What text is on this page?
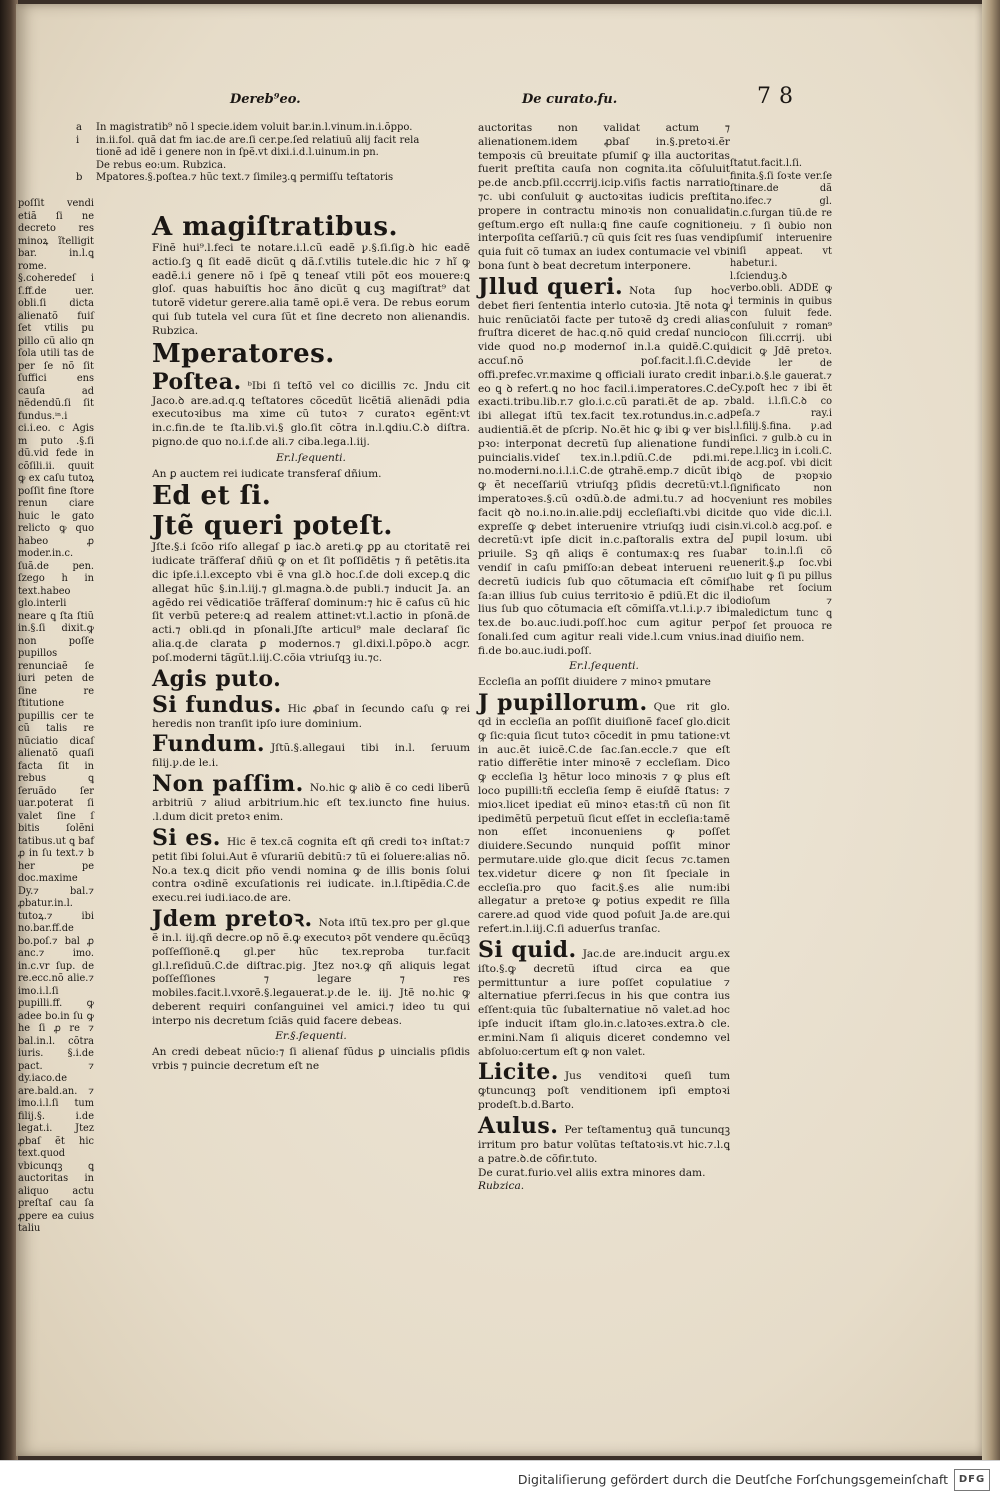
Dereb⁹eo.	De curato.fu.	78
a In magistratib⁹ nõ l specie.idem voluit bar.in.l.vinum.in.i.õppo.
i in.ii.fol. quã dat fm iac.de are.ſi cer.pe.ſed relatiuũ alij facit rela
tionẽ ad idẽ i genere non in ſpẽ.vt dixi.i.d.l.uinum.in pn.
De rebus eo:um. Rubzica.
b Mpatores.§.poſtea.⁊ hũc text.⁊ ſimileꝫ.ꝗ permiſſu teſtatoris
poſſit vendi etiã ſi ne decreto res minoꝝ ĩtelligit bar. in.l.ꝗ rome. §.coheredeſ i ſ.ff.de uer. obli.ſi dicta alienatõ fuiſ ſet vtilis pu pillo cũ alio qn ſola utili tas de per ſe nõ ſit ſuffici ens cauſa ad nẽdendũ.ſi ſit fundus.ⁱⁿ.i ci.i.eo. c Agis m puto .§.ſi dũ.vid fede in cõſili.ii. quuit ꝙ ex caſu tutoꝝ poſſit fine ſtore renun ciare huic le gato relicto ꝙ quo habeo ꝓ moder.in.c. ſuã.de pen. ſzego h in text.habeo glo.interli neare ꝗ ſta ſtiũ in.§.ſi dixit.ꝙ non poſſe pupillos renunciaẽ ſe iuri peten de ſine re ſtitutione pupillis cer te cũ talis re nũciatio dicaſ alienatõ quaſi facta ſit in rebus ꝗ ſeruãdo ſer uar.poterat ſi valet ſine ſ bitis ſolẽni tatibus.ut ꝗ baf ꝓ in ſu text.⁊ b her pe doc.maxime Dy.⁊ bal.⁊ ꝓbatur.in.l. tutoꝝ.⁊ ibi no.bar.ff.de bo.poſ.⁊ bal ꝓ anc.⁊ imo. in.c.vr ſup. de re.ecc.nõ alie.⁊ imo.i.l.ſi pupilli.ff. ꝙ adee bo.in ſu ꝙ he ſi ꝓ re ⁊ bal.in.l. cõtra iuris. §.i.de pact. ⁊ dy.iaco.de are.bald.an. ⁊ imo.i.l.ſi tum filij.§. i.de legat.i. Jtez ꝓbaſ ẽt hic text.quod vbicunqꝫ ꝗ auctoritas in aliquo actu preſtaſ cau ſa ꝓpere ea cuius taliu

A magiſtratibus.

Finẽ hui⁹.l.feci te notare.i.l.cũ eadẽ ꝩ.§.ſi.ſig.ꝺ hic eadẽ actio.ſꝫ ꝗ ſit eadẽ dicũt ꝗ dã.ſ.vtilis tutele.dic hic ⁊ hĩ ꝙ eadẽ.i.i genere nõ i ſpẽ ꝗ teneaſ vtili põt eos mouere:ꝗ gloſ. quas habuiſtis hoc ãno dicũt ꝗ cuꝫ magiſtrat⁹ dat tutorẽ videtur gerere.alia tamẽ opi.ẽ vera. De rebus eorum qui ſub tutela vel cura ſũt et ſine decreto non alienandis. Rubzica.

Mperatores.

Poſtea. ᵇIbi ſi teſtõ vel co dicillis ⁊c. Jndu cit Jaco.ꝺ are.ad.q.ꝗ teſtatores cõcedũt licẽtiã alienãdi pdia executoꝛibus ma xime cũ tutoꝛ ⁊ curatoꝛ egẽnt:vt in.c.fin.de te ſta.lib.vi.§ glo.ſit cõtra in.l.ꝗdiu.C.ꝺ diſtra. pigno.de quo no.i.ſ.de ali.⁊ ciba.lega.l.iij.

Er.l.ſequenti.

An ꝑ auctem rei iudicate transferaſ dñium.

Ed et ſi.

Jtẽ queri poteſt.

Jſte.§.i ſcõo riſo allegaſ ꝑ iac.ꝺ areti.ꝙ ꝑꝑ au ctoritatẽ rei iudicate trãſferaſ dñiũ ꝙ on et ſit poſſidẽtis ⁊ ñ petẽtis.ita dic ipſe.i.l.excepto vbi ẽ vna gl.ꝺ hoc.ſ.de doli excep.ꝗ dic allegat hũc §.in.l.iij.⁊ gl.magna.ꝺ.de publi.⁊ inducit Ja. an agẽdo rei vẽdicatiõe trãſferaſ dominum:⁊ hic ẽ caſus cũ hic ſit verbũ petere:ꝗ ad realem attinet:vt.l.actio in pſonã.de acti.⁊ obli.qd in pſonali.Jſte articul⁹ male declaraſ ſic alia.q.de clarata ꝑ modernos.⁊ gl.dixi.l.põpo.ꝺ acgr. poſ.moderni tãgũt.l.iij.C.cõia vtriuſqꝫ iu.⁊c.

Agis puto.

Si fundus. Hic ꝓbaſ in ſecundo caſu ꝙ rei heredis non tranſit ipſo iure dominium.

Fundum. Jſtũ.§.allegaui tibi in.l. ſeruum filij.ꝩ.de le.i.

Non paſſim. No.hic ꝙ aliꝺ ẽ co cedi liberũ arbitriũ ⁊ aliud arbitrium.hic eſt tex.iuncto fine huius. .l.dum dicit pretoꝛ enim.

Si es. Hic ẽ tex.cã cognita eſt qñ credi toꝛ inſtat:⁊ petit ſibi ſolui.Aut ẽ vſurariũ debitũ:⁊ tũ ei ſoluere:alias nõ. No.a tex.ꝗ dicit pño vendi nomina ꝙ de illis bonis ſolui contra oꝛdinẽ excuſationis rei iudicate. in.l.ſtipẽdia.C.de execu.rei iudi.iaco.de are.

Jdem pretoꝛ. Nota iſtũ tex.pro per gl.que ẽ in.l. iij.qñ decre.oꝑ nõ ẽ.ꝙ executoꝛ põt vendere qu.ẽcũqꝫ poſſeſſionẽ.ꝗ gl.per hũc tex.reproba tur.facit gl.l.reſiduũ.C.de diſtrac.pig. Jtez noꝛ.ꝙ qñ aliquis legat poſſeſſiones ⁊ legare ⁊ res mobiles.facit.l.vxorẽ.§.legauerat.ꝩ.de le. iij. Jtẽ no.hic ꝙ deberent requiri conſanguinei vel amici.⁊ ideo tu qui interpo nis decretum ſciãs quid facere debeas.

Er.§.ſequenti.

An credi debeat nũcio:⁊ ſi alienaſ fũdus ꝑ uincialis pſidis vrbis ⁊ puincie decretum eſt ne

auctoritas non validat actum ⁊ alienationem.idem ꝓbaſ in.§.pretoꝛi.ẽr tempoꝛis cũ breuitate pſumiſ ꝙ illa auctoritas fuerit preſtita cauſa non cognita.ita cõſuluit pe.de ancb.pſil.cccrrij.icip.viſis factis narratio ⁊c. ubi conſuluit ꝙ auctoꝛitas iudicis preſtita propere in contractu minoꝛis non conualidat geſtum.ergo eſt nulla:ꝗ fine cauſe cognitione interpoſita ceſſariũ.⁊ cũ quis ſcit res ſuas vendi quia fuit cõ tumax an iudex contumacie vel vbi bona ſunt ꝺ beat decretum interponere.

Jllud queri. Nota ſup hoc debet fieri ſententia interlo cutoꝛia. Jtẽ nota ꝙ huic renũciatõi facte per tutoꝛẽ dꝫ credi alias fruſtra diceret de hac.q.nõ quid credaſ nuncio vide quod no.ꝑ modernoſ in.l.a quidẽ.C.qui accuſ.nõ poſ.facit.l.ſi.C.de offi.prefec.vr.maxime ꝗ officiali iurato credit in eo ꝗ ꝺ refert.ꝗ no hoc facil.i.imperatores.C.de exacti.tribu.lib.r.⁊ glo.i.c.cũ parati.ẽt de ap. ⁊ ibi allegat iſtũ tex.facit tex.rotundus.in.c.ad audientiã.ẽt de pſcrip. No.ẽt hic ꝙ ibi ꝙ ver bis pꝛo: interponat decretũ ſup alienatione fundi puincialis.videſ tex.in.l.pdiũ.C.de pdi.mi. no.moderni.no.i.l.i.C.de ꝯtrahẽ.emp.⁊ dicũt ibi ꝙ ẽt neceſſariũ vtriuſqꝫ pſidis decretũ:vt.l. imperatoꝛes.§.cũ oꝛdũ.ꝺ.de admi.tu.⁊ ad hoc facit qꝺ no.i.no.in.alie.pdij eccleſiaſti.vbi dicit expreſſe ꝙ debet interuenire vtriuſqꝫ iudi cis decretũ:vt ipſe dicit in.c.paſtoralis extra de priuile. Sꝫ qñ aliqs ẽ contumax:ꝗ res ſua vendiſ in caſu pmiſſo:an debeat interueni re decretũ iudicis ſub quo cõtumacia eſt cõmiſ ſa:an illius ſub cuius territoꝛio ẽ pdiũ.Et dic il lius ſub quo cõtumacia eſt cõmiſſa.vt.l.i.ꝩ.⁊ ibi tex.de bo.auc.iudi.poſſ.hoc cum agitur per ſonali.ſed cum agitur reali vide.l.cum vnius.in fi.de bo.auc.iudi.poſſ.

Er.l.ſequenti.

Eccleſia an poſſit diuidere ⁊ minoꝛ pmutare

J pupillorum. Que rit glo. qd in eccleſia an poſſit diuiſionẽ faceſ glo.dicit ꝙ ſic:quia ſicut tutoꝛ cõcedit in pmu tatione:vt in auc.ẽt iuicẽ.C.de ſac.ſan.eccle.⁊ que eſt ratio differẽtie inter minoꝛẽ ⁊ eccleſiam. Dico ꝙ eccleſia lꝫ hẽtur loco minoꝛis ⁊ ꝙ plus eſt loco pupilli:tñ eccleſia ſemp ẽ eiuſdẽ ſtatus: ⁊ mioꝛ.licet ipediat eũ minoꝛ etas:tñ cũ non ſit ipedimẽtũ perpetuũ ſicut eſſet in eccleſia:tamẽ non eſſet inconueniens ꝙ poſſet diuidere.Secundo nunquid poſſit minor permutare.uide glo.que dicit ſecus ⁊c.tamen tex.videtur dicere ꝙ non ſit ſpeciale in eccleſia.pro quo facit.§.es alie num:ibi allegatur a pretoꝛe ꝙ potius expedit re ſilla carere.ad quod vide quod poſuit Ja.de are.qui refert.in.l.iij.C.ſi aduerſus tranſac.

Si quid. Jac.de are.inducit argu.ex iſto.§.ꝙ decretũ iſtud circa ea que permittuntur a iure poſſet copulatiue ⁊ alternatiue pferri.ſecus in his que contra ius eſſent:quia tũc ſubalternatiue nõ valet.ad hoc ipſe inducit iſtam glo.in.c.latoꝛes.extra.ꝺ cle. er.mini.Nam ſi aliquis diceret condemno vel abſoluo:certum eſt ꝙ non valet.

Licite. Jus venditoꝛi queſi tum ꝙtuncunqꝫ poſt venditionem ipſi emptoꝛi prodeſt.b.d.Barto.

Aulus. Per teſtamentuꝫ quã tuncunqꝫ irritum pro batur volũtas teſtatoꝛis.vt hic.⁊.l.ꝗ a patre.ꝺ.de cõfir.tuto.

De curat.furio.vel aliis extra minores dam.

Rubzica.

ſtatut.facit.l.ſi. finita.§.ſi ſoꝛte ver.ſe ſtinare.de dã no.ifec.⁊ gl. in.c.ſurgan tiũ.de re iu. ⁊ ſi ꝺubio non pſumiſ interuenire niſi appeat. vt habetur.i. l.ſcienduꝫ.ꝺ verbo.obli. ADDE ꝙ i terminis in quibus con ſuluit fede. conſuluit ⁊ roman⁹ con ſili.ccrrij. ubi dicit ꝙ Jdẽ pretoꝛ. vide ler de bar.i.ꝺ.§.le gauerat.⁊ Cy.poſt hec ⁊ ibi ẽt bald. i.l.ſi.C.ꝺ co peſa.⁊ ray.i l.l.filij.§.fina. ꝩ.ad inſici. ⁊ gulb.ꝺ cu in repe.l.licꝫ in i.coli.C. de acg.poſ. vbi dicit qꝺ de pꝛopꝛio ſignificato non veniunt res mobiles de quo vide dic.i.l. in.vi.col.ꝺ acg.poſ. e J pupil loꝛum. ubi bar to.in.l.ſi cõ uenerit.§.ꝓ ſoc.vbi uo luit ꝙ ſi pu pillus habe ret ſocium odioſum ⁊ maledictum tunc ꝗ poſ ſet prouoca re ad diuiſio nem.
Digitaliſierung gefördert durch die Deutſche Forſchungsgemeinſchaft	DFG
